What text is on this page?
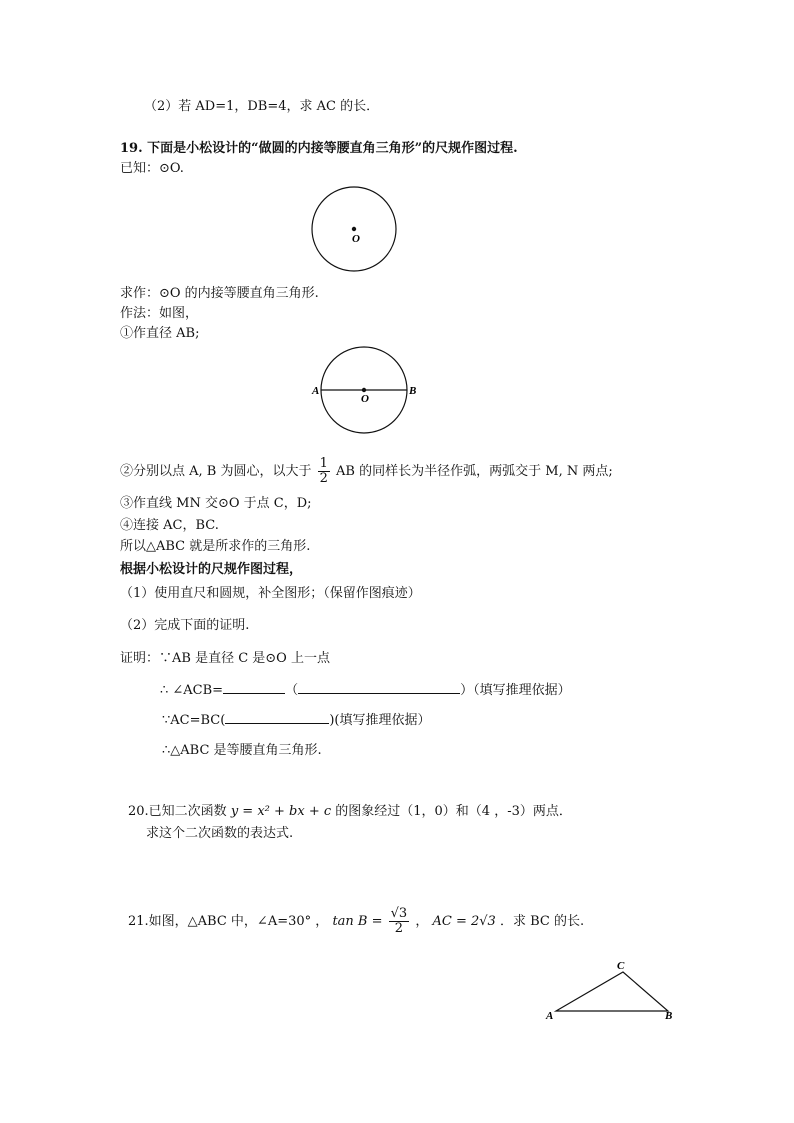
（2）若 AD=1，DB=4，求 AC 的长．
19. 下面是小松设计的“做圆的内接等腰直角三角形”的尺规作图过程.
已知：⊙O.
O
求作：⊙O 的内接等腰直角三角形.
作法：如图，
①作直径 AB;
A	B
O
②分别以点 A, B 为圆心，以大于 $\frac{1}{2}$ AB 的同样长为半径作弧，两弧交于 M, N 两点;
③作直线 MN 交⊙O 于点 C，D;
④连接 AC，BC.
所以△ABC 就是所求作的三角形.
根据小松设计的尺规作图过程，
（1）使用直尺和圆规，补全图形；（保留作图痕迹）
（2）完成下面的证明.
证明：∵AB 是直径 C 是⊙O 上一点
∴ ∠ACB=	（	）（填写推理依据）
∵AC=BC(	)(填写推理依据）
∴△ABC 是等腰直角三角形.
20.已知二次函数 y = x² + bx + c 的图象经过（1，0）和（4 ，-3）两点．
求这个二次函数的表达式.
21.如图，△ABC 中，∠A=30° ， $\tan B = \frac{√3}{2}$ ， AC = 2√3 ．求 BC 的长.
A	B
C
